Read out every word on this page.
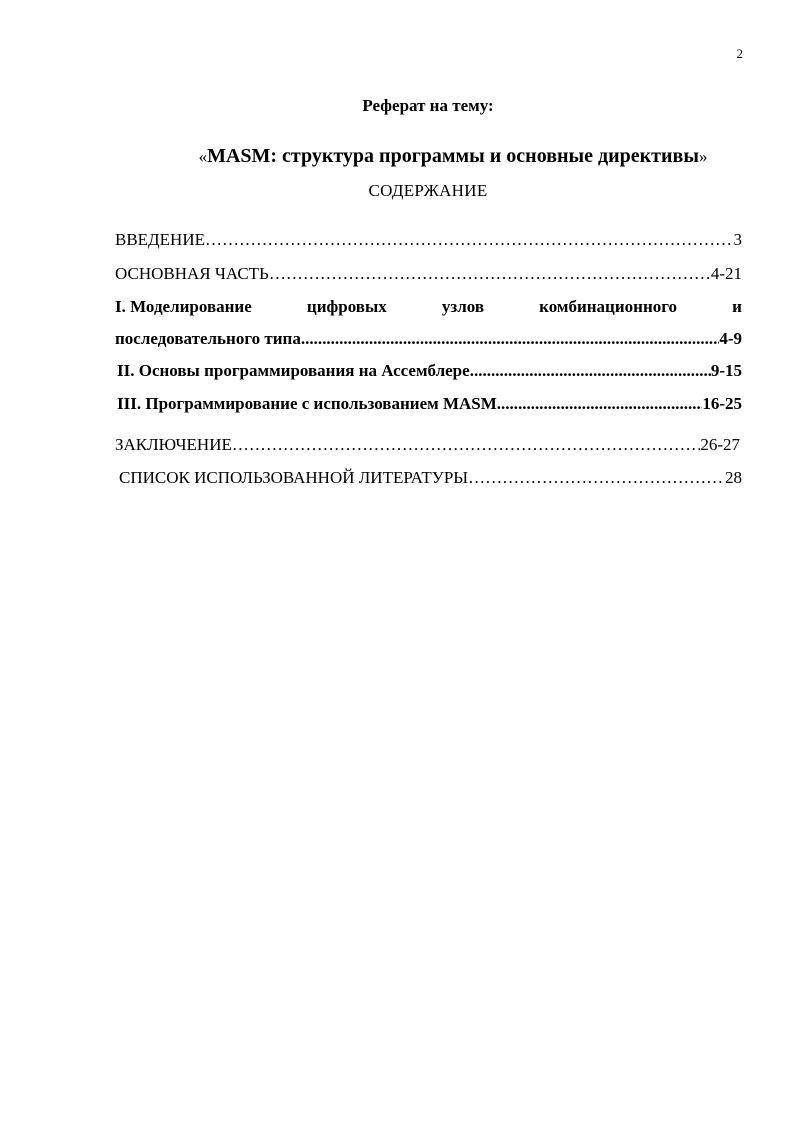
2
Реферат на тему:
«MASM: структура программы и основные директивы»
СОДЕРЖАНИЕ
ВВЕДЕНИЕ ………………………………………………………………………………………………………………………………………………………………………………	3
ОСНОВНАЯ ЧАСТЬ ………………………………………………………………………………………………………………………………………………………………………………	4-21
I. Моделирование	цифровых	узлов	комбинационного	и
последовательного типа .....	4-9
II. Основы программирования на Ассемблере .....	9-15
III. Программирование с использованием MASM .....	16-25
ЗАКЛЮЧЕНИЕ ………………………………………………………………………………………………………………………………………………………………………………	26-27
СПИСОК ИСПОЛЬЗОВАННОЙ ЛИТЕРАТУРЫ ………………………………………………………………………………………………………………………………………………………………………………	28
